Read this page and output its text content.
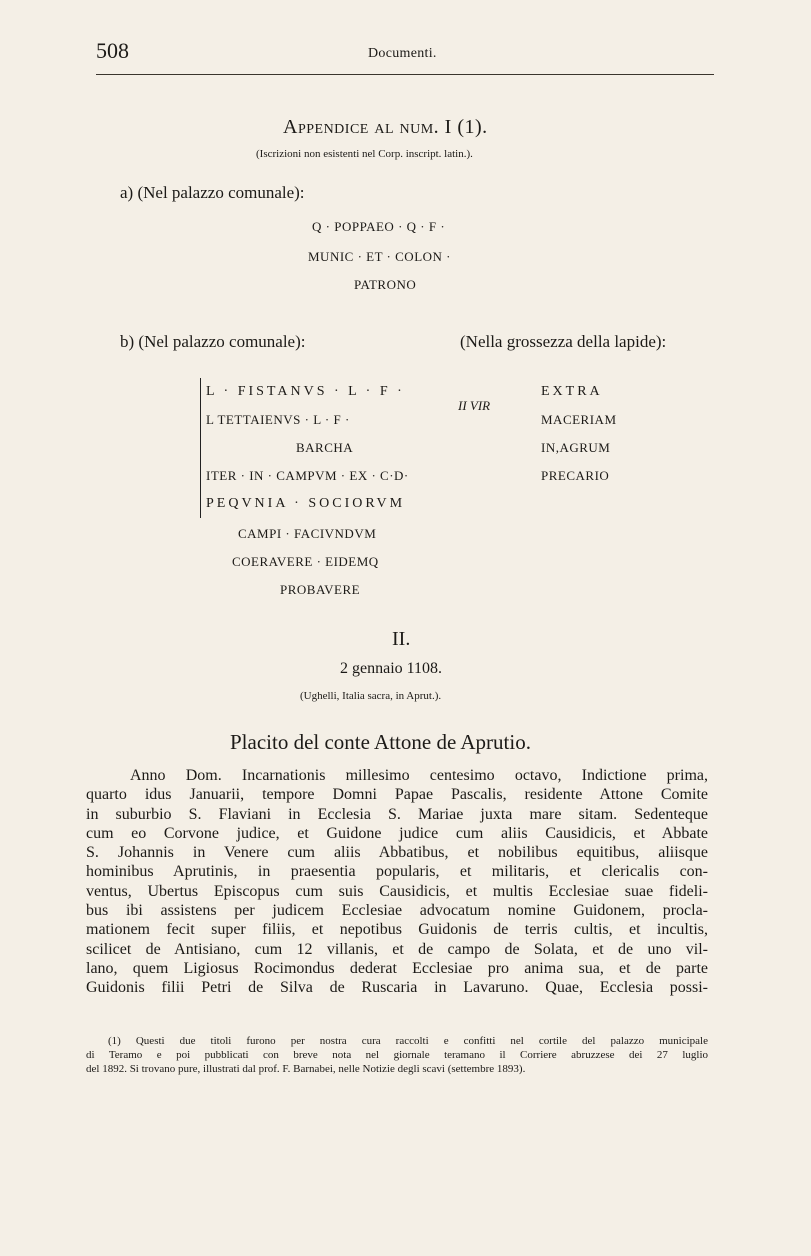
508	Documenti.
Appendice al num. I (1).
(Iscrizioni non esistenti nel Corp. inscript. latin.).
a) (Nel palazzo comunale):
Q · POPPAEO · Q · F ·
MUNIC · ET · COLON ·
PATRONO
b) (Nel palazzo comunale):	(Nella grossezza della lapide):
L · FISTANVS · L · F ·
L TETTAIENVS · L · F ·
BARCHA
ITER · IN · CAMPVM · EX · C·D·
PEQVNIA · SOCIORVM
CAMPI · FACIVNDVM
COERAVERE · EIDEMQ
PROBAVERE
II VIR
EXTRA
MACERIAM
IN,AGRUM
PRECARIO
II.
2 gennaio 1108.
(Ughelli, Italia sacra, in Aprut.).
Placito del conte Attone de Aprutio.
Anno Dom. Incarnationis millesimo centesimo octavo, Indictione prima,
quarto idus Januarii, tempore Domni Papae Pascalis, residente Attone Comite
in suburbio S. Flaviani in Ecclesia S. Mariae juxta mare sitam. Sedenteque
cum eo Corvone judice, et Guidone judice cum aliis Causidicis, et Abbate
S. Johannis in Venere cum aliis Abbatibus, et nobilibus equitibus, aliisque
hominibus Aprutinis, in praesentia popularis, et militaris, et clericalis con-
ventus, Ubertus Episcopus cum suis Causidicis, et multis Ecclesiae suae fideli-
bus ibi assistens per judicem Ecclesiae advocatum nomine Guidonem, procla-
mationem fecit super filiis, et nepotibus Guidonis de terris cultis, et incultis,
scilicet de Antisiano, cum 12 villanis, et de campo de Solata, et de uno vil-
lano, quem Ligiosus Rocimondus dederat Ecclesiae pro anima sua, et de parte
Guidonis filii Petri de Silva de Ruscaria in Lavaruno. Quae, Ecclesia possi-
(1) Questi due titoli furono per nostra cura raccolti e confitti nel cortile del palazzo municipale
di Teramo e poi pubblicati con breve nota nel giornale teramano il Corriere abruzzese dei 27 luglio
del 1892. Si trovano pure, illustrati dal prof. F. Barnabei, nelle Notizie degli scavi (settembre 1893).
